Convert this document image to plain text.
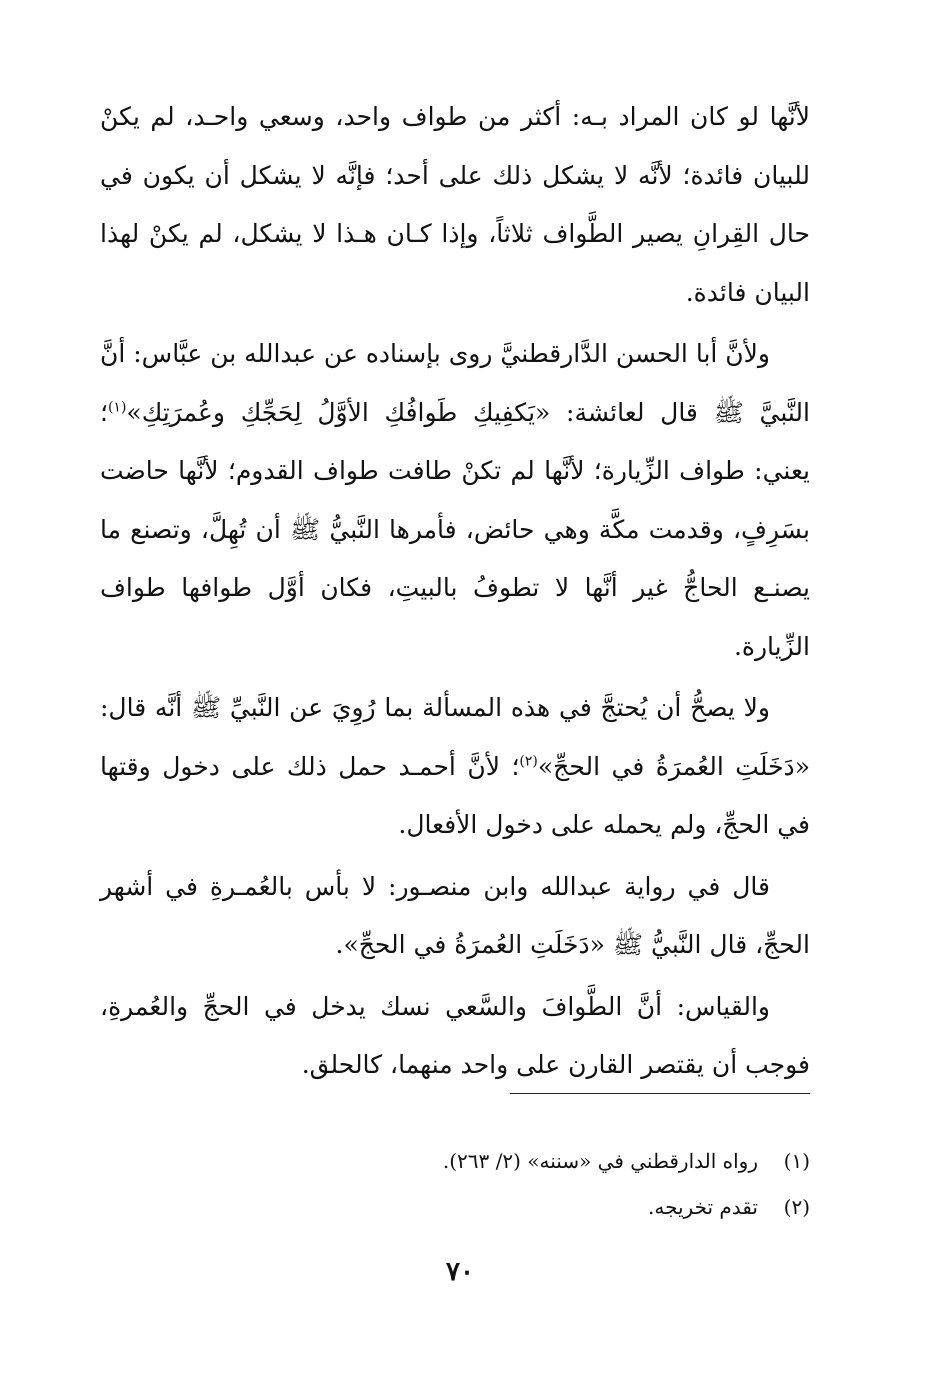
لأنَّها لو كان المراد بـه: أكثر من طواف واحد، وسعي واحـد، لم يكنْ للبيان فائدة؛ لأنَّه لا يشكل ذلك على أحد؛ فإنَّه لا يشكل أن يكون في حال القِرانِ يصير الطَّواف ثلاثاً، وإذا كـان هـذا لا يشكل، لم يكنْ لهذا البيان فائدة.

ولأنَّ أبا الحسن الدَّارقطنيَّ روى بإسناده عن عبدالله بن عبَّاس: أنَّ النَّبيَّ ﷺ قال لعائشة: «يَكفِيكِ طَوافُكِ الأوَّلُ لِحَجِّكِ وعُمرَتِكِ»$^{(١)}$؛ يعني: طواف الزِّيارة؛ لأنَّها لم تكنْ طافت طواف القدوم؛ لأنَّها حاضت بسَرِفٍ، وقدمت مكَّة وهي حائض، فأمرها النَّبيُّ ﷺ أن تُهِلَّ، وتصنع ما يصنـع الحاجُّ غير أنَّها لا تطوفُ بالبيتِ، فكان أوَّل طوافها طواف الزِّيارة.

ولا يصحُّ أن يُحتجَّ في هذه المسألة بما رُوِيَ عن النَّبيِّ ﷺ أنَّه قال: «دَخَلَتِ العُمرَةُ في الحجِّ»$^{(٢)}$؛ لأنَّ أحمـد حمل ذلك على دخول وقتها في الحجِّ، ولم يحمله على دخول الأفعال.

قال في رواية عبدالله وابن منصـور: لا بأس بالعُمـرةِ في أشهر الحجِّ، قال النَّبيُّ ﷺ «دَخَلَتِ العُمرَةُ في الحجِّ».

والقياس: أنَّ الطَّوافَ والسَّعي نسك يدخل في الحجِّ والعُمرةِ، فوجب أن يقتصر القارن على واحد منهما، كالحلق.

(١)
رواه الدارقطني في «سننه» (٢/ ٢٦٣).
(٢)
تقدم تخريجه.
٧٠
